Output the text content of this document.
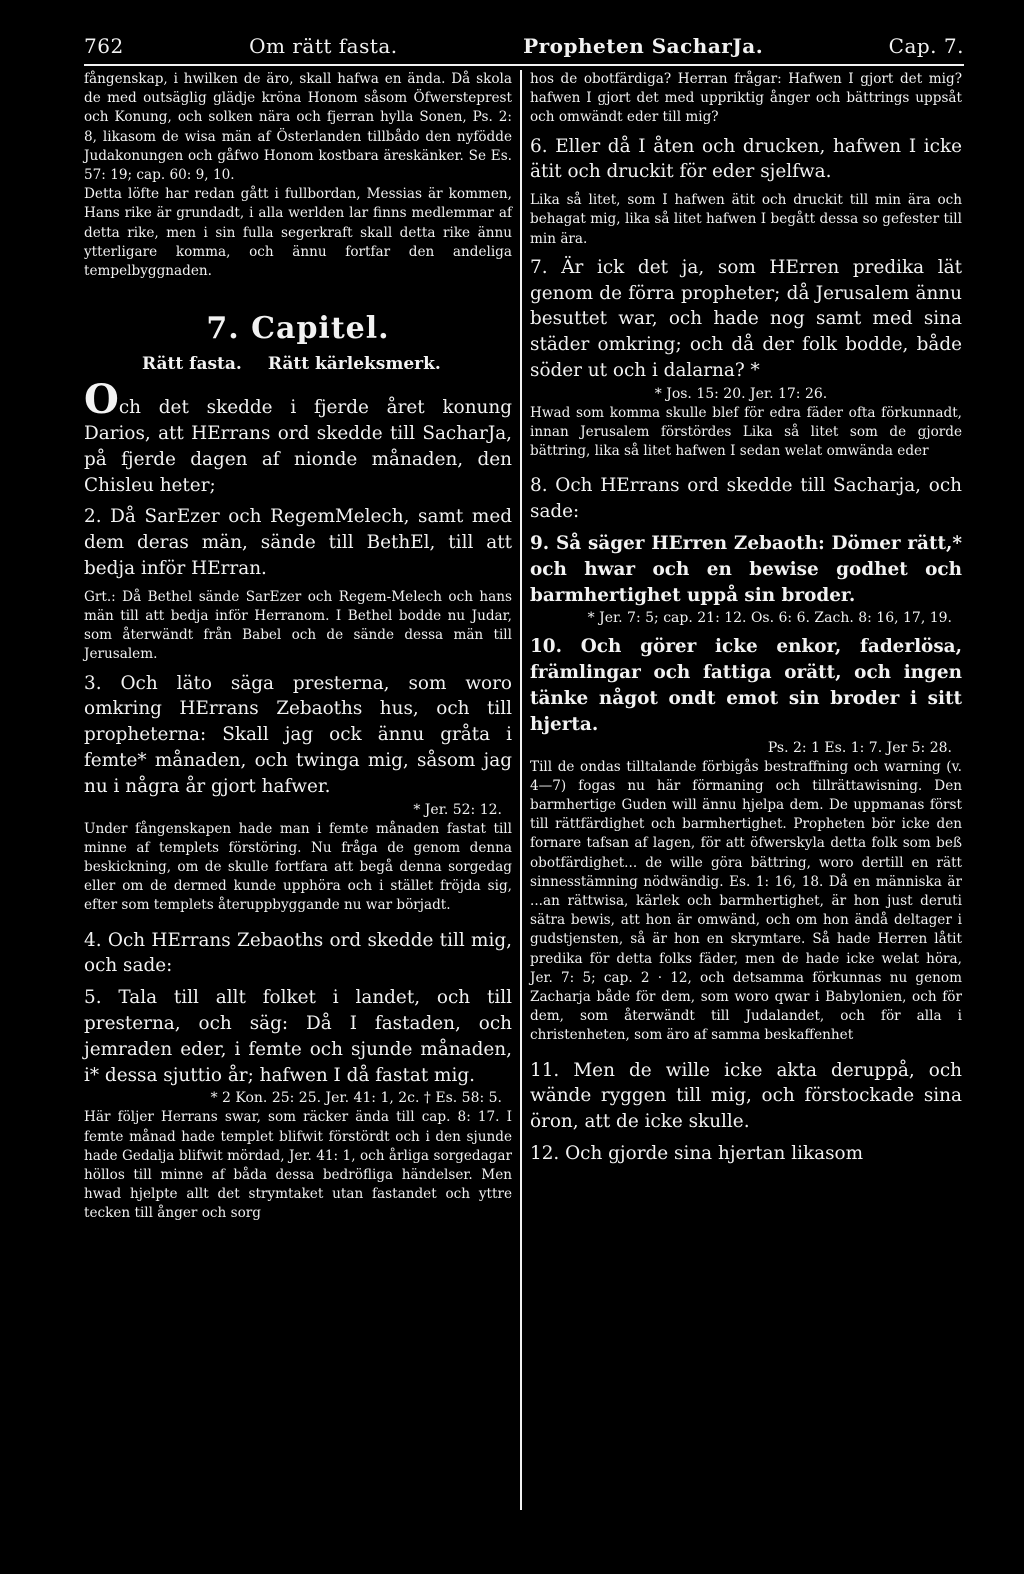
762	Om rätt fasta.	Propheten SacharJa.	Cap. 7.

fångenskap, i hwilken de äro, skall hafwa en ända. Då skola de med outsäglig glädje kröna Honom såsom Öfwersteprest och Konung, och solken nära och fjerran hylla Sonen, Ps. 2: 8, likasom de wisa män af Österlanden tillbådo den nyfödde Judakonungen och gåfwo Honom kostbara äreskänker. Se Es. 57: 19; cap. 60: 9, 10.

Detta löfte har redan gått i fullbordan, Messias är kommen, Hans rike är grundadt, i alla werlden lar finns medlemmar af detta rike, men i sin fulla segerkraft skall detta rike ännu ytterligare komma, och ännu fortfar den andeliga tempelbyggnaden.

7. Capitel.
Rätt fasta. Rätt kärleksmerk.

Och det skedde i fjerde året konung Darios, att HErrans ord skedde till SacharJa, på fjerde dagen af nionde månaden, den Chisleu heter;

2. Då SarEzer och RegemMelech, samt med dem deras män, sände till BethEl, till att bedja inför HErran.

Grt.: Då Bethel sände SarEzer och Regem-Melech och hans män till att bedja inför Herranom. I Bethel bodde nu Judar, som återwändt från Babel och de sände dessa män till Jerusalem.

3. Och läto säga presterna, som woro omkring HErrans Zebaoths hus, och till propheterna: Skall jag ock ännu gråta i femte* månaden, och twinga mig, såsom jag nu i några år gjort hafwer.

* Jer. 52: 12.

Under fångenskapen hade man i femte månaden fastat till minne af templets förstöring. Nu fråga de genom denna beskickning, om de skulle fortfara att begå denna sorgedag eller om de dermed kunde upphöra och i stället fröjda sig, efter som templets återuppbyggande nu war börjadt.

4. Och HErrans Zebaoths ord skedde till mig, och sade:

5. Tala till allt folket i landet, och till presterna, och säg: Då I fastaden, och jemraden eder, i femte och sjunde månaden, i* dessa sjuttio år; hafwen I då fastat mig.

* 2 Kon. 25: 25. Jer. 41: 1, 2c. † Es. 58: 5.

Här följer Herrans swar, som räcker ända till cap. 8: 17. I femte månad hade templet blifwit förstördt och i den sjunde hade Gedalja blifwit mördad, Jer. 41: 1, och årliga sorgedagar höllos till minne af båda dessa bedröfliga händelser. Men hwad hjelpte allt det strymtaket utan fastandet och yttre tecken till ånger och sorg

hos de obotfärdiga? Herran frågar: Hafwen I gjort det mig? hafwen I gjort det med uppriktig ånger och bättrings uppsåt och omwändt eder till mig?

6. Eller då I åten och drucken, hafwen I icke ätit och druckit för eder sjelfwa.

Lika så litet, som I hafwen ätit och druckit till min ära och behagat mig, lika så litet hafwen I begått dessa so gefester till min ära.

7. Är ick det ja, som HErren predika lät genom de förra propheter; då Jerusalem ännu besuttet war, och hade nog samt med sina städer omkring; och då der folk bodde, både söder ut och i dalarna? *

* Jos. 15: 20. Jer. 17: 26.

Hwad som komma skulle blef för edra fäder ofta förkunnadt, innan Jerusalem förstördes Lika så litet som de gjorde bättring, lika så litet hafwen I sedan welat omwända eder

8. Och HErrans ord skedde till Sacharja, och sade:

9. Så säger HErren Zebaoth: Dömer rätt,* och hwar och en bewise godhet och barmhertighet uppå sin broder.

* Jer. 7: 5; cap. 21: 12. Os. 6: 6. Zach. 8: 16, 17, 19.

10. Och görer icke enkor, faderlösa, främlingar och fattiga orätt, och ingen tänke något ondt emot sin broder i sitt hjerta.

Ps. 2: 1 Es. 1: 7. Jer 5: 28.

Till de ondas tilltalande förbigås bestraffning och warning (v. 4—7) fogas nu här förmaning och tillrättawisning. Den barmhertige Guden will ännu hjelpa dem. De uppmanas först till rättfärdighet och barmhertighet. Propheten bör icke den fornare tafsan af lagen, för att öfwerskyla detta folk som beß obotfärdighet... de wille göra bättring, woro dertill en rätt sinnesstämning nödwändig. Es. 1: 16, 18. Då en människa är ...an rättwisa, kärlek och barmhertighet, är hon just deruti sätra bewis, att hon är omwänd, och om hon ändå deltager i gudstjensten, så är hon en skrymtare. Så hade Herren låtit predika för detta folks fäder, men de hade icke welat höra, Jer. 7: 5; cap. 2 · 12, och detsamma förkunnas nu genom Zacharja både för dem, som woro qwar i Babylonien, och för dem, som återwändt till Judalandet, och för alla i christenheten, som äro af samma beskaffenhet

11. Men de wille icke akta deruppå, och wände ryggen till mig, och förstockade sina öron, att de icke skulle.

12. Och gjorde sina hjertan likasom
